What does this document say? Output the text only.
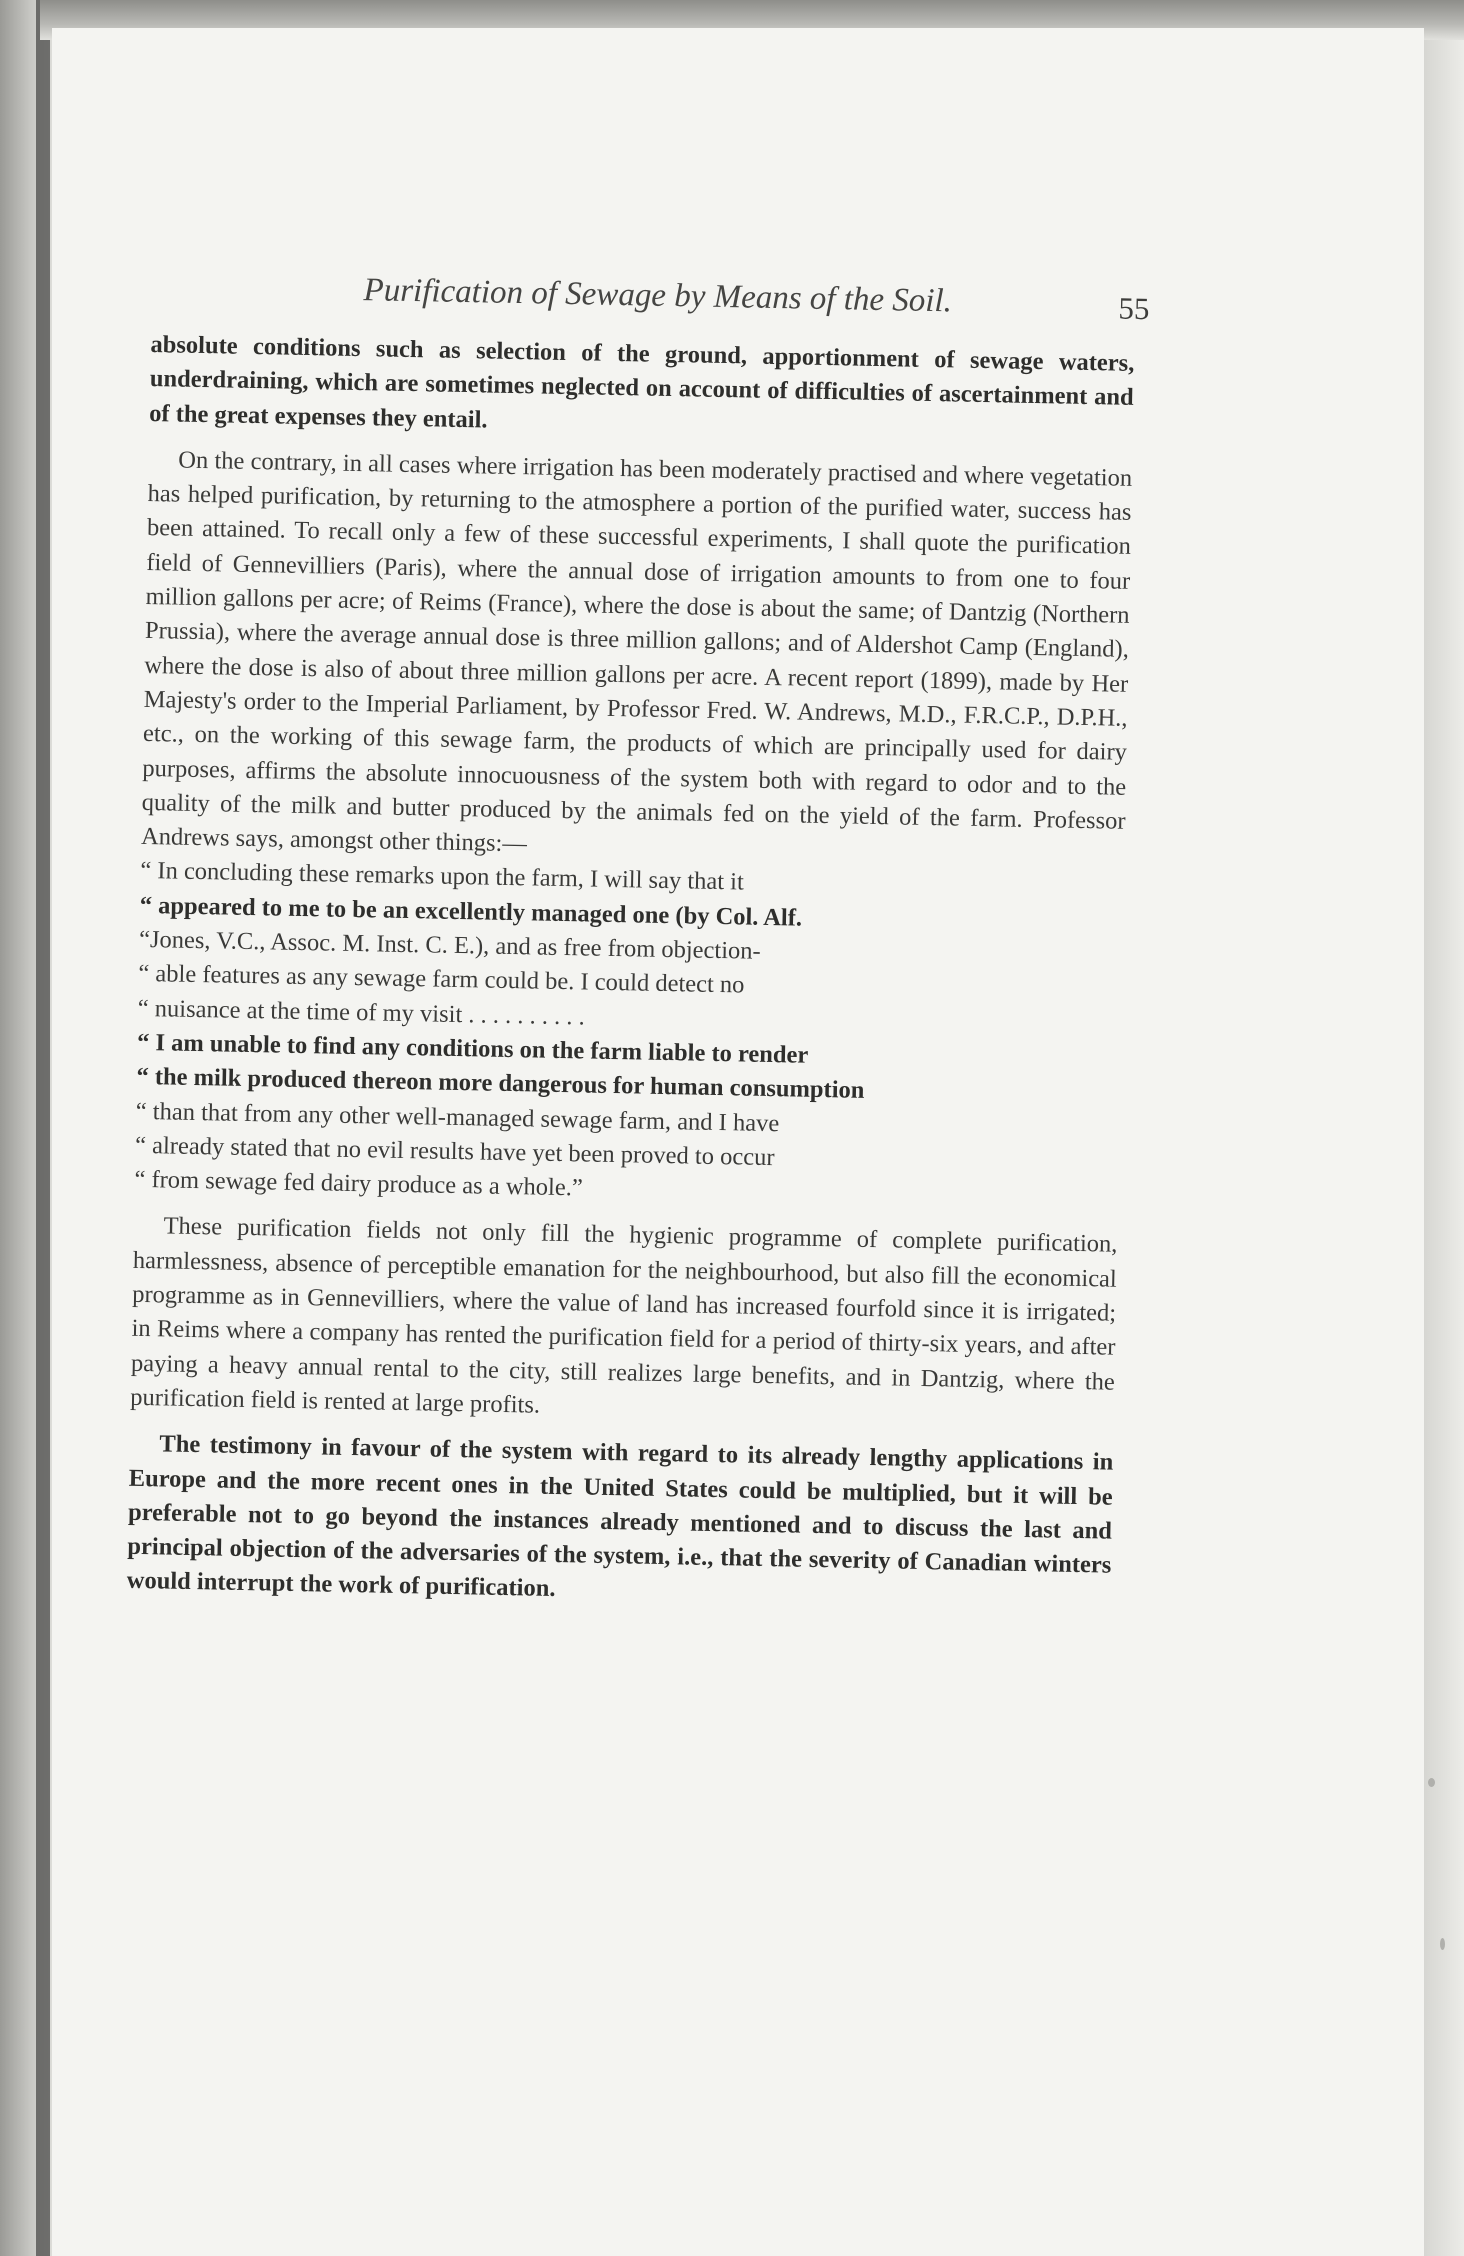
Purification of Sewage by Means of the Soil.	55

absolute conditions such as selection of the ground, apportionment of sewage waters, underdraining, which are sometimes neglected on account of difficulties of ascertainment and of the great expenses they entail.

On the contrary, in all cases where irrigation has been moderately practised and where vegetation has helped purification, by returning to the atmosphere a portion of the purified water, success has been attained. To recall only a few of these successful experiments, I shall quote the purification field of Gennevilliers (Paris), where the annual dose of irrigation amounts to from one to four million gallons per acre; of Reims (France), where the dose is about the same; of Dantzig (Northern Prussia), where the average annual dose is three million gallons; and of Aldershot Camp (England), where the dose is also of about three million gallons per acre. A recent report (1899), made by Her Majesty's order to the Imperial Parliament, by Professor Fred. W. Andrews, M.D., F.R.C.P., D.P.H., etc., on the working of this sewage farm, the products of which are principally used for dairy purposes, affirms the absolute innocuousness of the system both with regard to odor and to the quality of the milk and butter produced by the animals fed on the yield of the farm. Professor Andrews says, amongst other things:—

“ In concluding these remarks upon the farm, I will say that it
“ appeared to me to be an excellently managed one (by Col. Alf.
“Jones, V.C., Assoc. M. Inst. C. E.), and as free from objection-
“ able features as any sewage farm could be. I could detect no
“ nuisance at the time of my visit . . . . . . . . . .
“ I am unable to find any conditions on the farm liable to render
“ the milk produced thereon more dangerous for human consumption
“ than that from any other well-managed sewage farm, and I have
“ already stated that no evil results have yet been proved to occur
“ from sewage fed dairy produce as a whole.”

These purification fields not only fill the hygienic programme of complete purification, harmlessness, absence of perceptible emanation for the neighbourhood, but also fill the economical programme as in Gennevilliers, where the value of land has increased fourfold since it is irrigated; in Reims where a company has rented the purification field for a period of thirty-six years, and after paying a heavy annual rental to the city, still realizes large benefits, and in Dantzig, where the purification field is rented at large profits.

The testimony in favour of the system with regard to its already lengthy applications in Europe and the more recent ones in the United States could be multiplied, but it will be preferable not to go beyond the instances already mentioned and to discuss the last and principal objection of the adversaries of the system, i.e., that the severity of Canadian winters would interrupt the work of purification.
